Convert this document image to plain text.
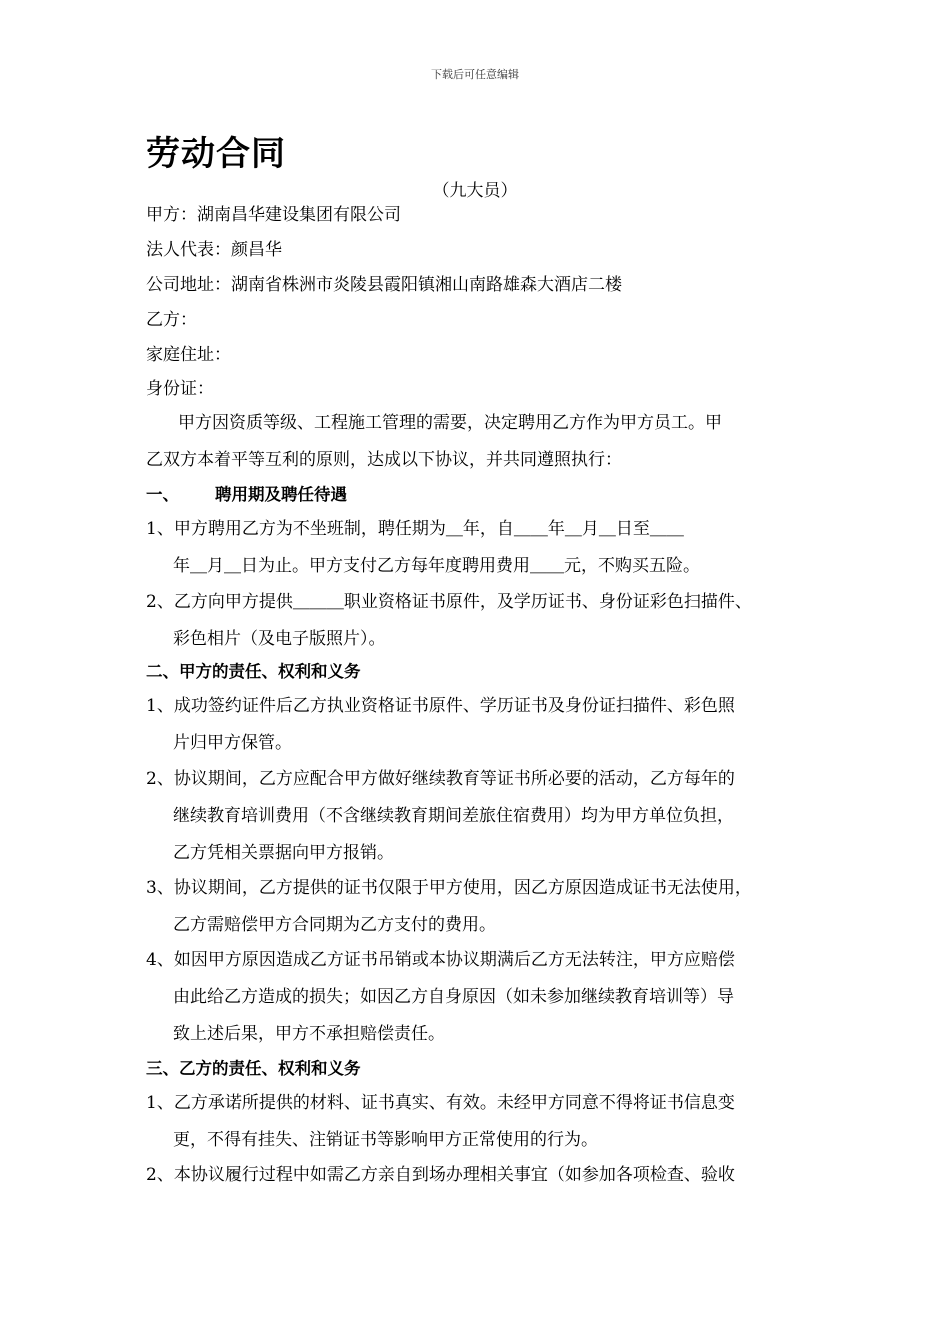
下载后可任意编辑
劳动合同
（九大员）
甲方：湖南昌华建设集团有限公司
法人代表：颜昌华
公司地址：湖南省株洲市炎陵县霞阳镇湘山南路雄森大酒店二楼
乙方：
家庭住址：
身份证：
甲方因资质等级、工程施工管理的需要，决定聘用乙方作为甲方员工。甲
乙双方本着平等互利的原则，达成以下协议，并共同遵照执行：
一、 聘用期及聘任待遇
1、甲方聘用乙方为不坐班制，聘任期为＿年，自＿＿年＿月＿日至＿＿
年＿月＿日为止。甲方支付乙方每年度聘用费用＿＿元，不购买五险。
2、乙方向甲方提供＿＿＿职业资格证书原件，及学历证书、身份证彩色扫描件、
彩色相片（及电子版照片）。
二、甲方的责任、权利和义务
1、成功签约证件后乙方执业资格证书原件、学历证书及身份证扫描件、彩色照
片归甲方保管。
2、协议期间，乙方应配合甲方做好继续教育等证书所必要的活动，乙方每年的
继续教育培训费用（不含继续教育期间差旅住宿费用）均为甲方单位负担，
乙方凭相关票据向甲方报销。
3、协议期间，乙方提供的证书仅限于甲方使用，因乙方原因造成证书无法使用，
乙方需赔偿甲方合同期为乙方支付的费用。
4、如因甲方原因造成乙方证书吊销或本协议期满后乙方无法转注，甲方应赔偿
由此给乙方造成的损失；如因乙方自身原因（如未参加继续教育培训等）导
致上述后果，甲方不承担赔偿责任。
三、乙方的责任、权利和义务
1、乙方承诺所提供的材料、证书真实、有效。未经甲方同意不得将证书信息变
更，不得有挂失、注销证书等影响甲方正常使用的行为。
2、本协议履行过程中如需乙方亲自到场办理相关事宜（如参加各项检查、验收
